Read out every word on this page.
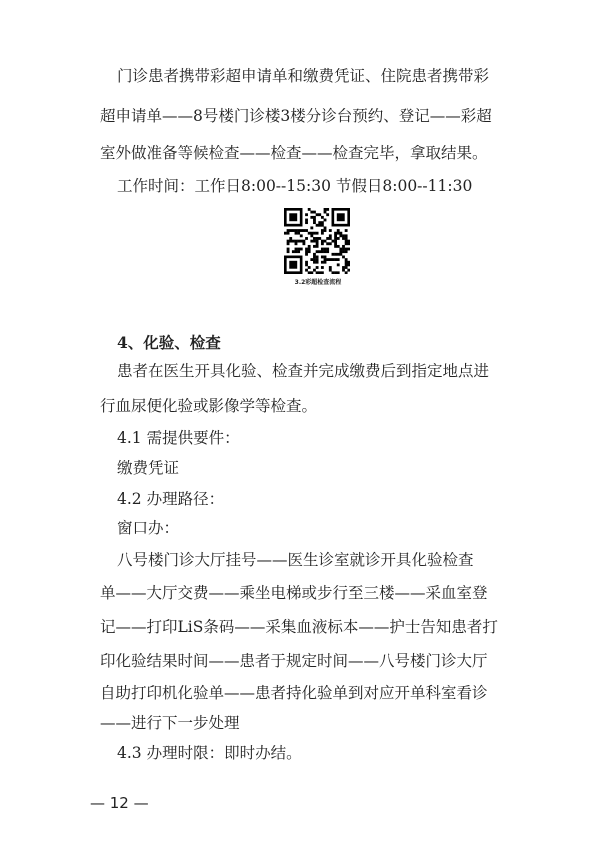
门诊患者携带彩超申请单和缴费凭证、住院患者携带彩
超申请单——8号楼门诊楼3楼分诊台预约、登记——彩超
室外做准备等候检查——检查——检查完毕，拿取结果。
工作时间：工作日8:00--15:30 节假日8:00--11:30
3.2彩超检查流程
4、化验、检查
患者在医生开具化验、检查并完成缴费后到指定地点进
行血尿便化验或影像学等检查。
4.1 需提供要件：
缴费凭证
4.2 办理路径：
窗口办：
八号楼门诊大厅挂号——医生诊室就诊开具化验检查
单——大厅交费——乘坐电梯或步行至三楼——采血室登
记——打印LiS条码——采集血液标本——护士告知患者打
印化验结果时间——患者于规定时间——八号楼门诊大厅
自助打印机化验单——患者持化验单到对应开单科室看诊
——进行下一步处理
4.3 办理时限：即时办结。
— 12 —
